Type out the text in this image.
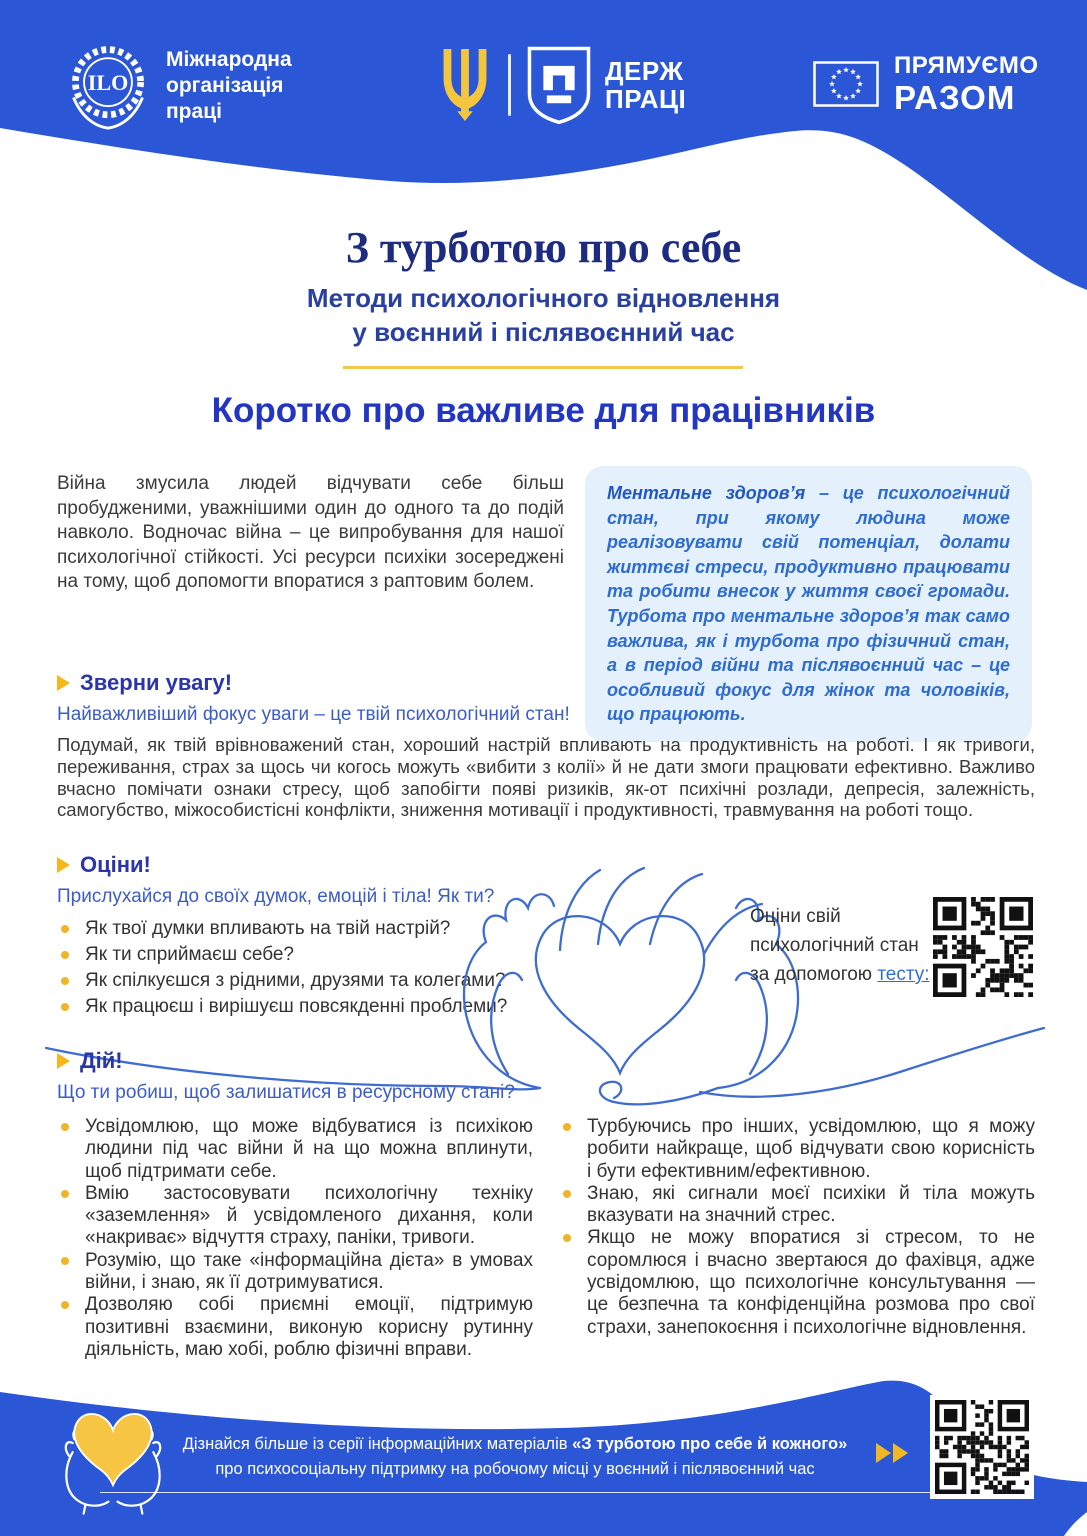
ILO
Міжнародна
організація
праці
ДЕРЖ
ПРАЦІ
ПРЯМУЄМО
РАЗОМ
З турботою про себе
Методи психологічного відновлення
у воєнний і післявоєнний час
Коротко про важливе для працівників
Війна змусила людей відчувати себе більш пробудженими, уважнішими один до одного та до подій навколо. Водночас війна – це випробування для нашої психологічної стійкості. Усі ресурси психіки зосереджені на тому, щоб допомогти впоратися з раптовим болем.
Ментальне здоров’я – це психологічний стан, при якому людина може реалізовувати свій потенціал, долати життєві стреси, продуктивно працювати та робити внесок у життя своєї громади. Турбота про ментальне здоров’я так само важлива, як і турбота про фізичний стан, а в період війни та післявоєнний час – це особливий фокус для жінок та чоловіків, що працюють.
Зверни увагу!
Найважливіший фокус уваги – це твій психологічний стан!
Подумай, як твій врівноважений стан, хороший настрій впливають на продуктивність на роботі. І як тривоги, переживання, страх за щось чи когось можуть «вибити з колії» й не дати змоги працювати ефективно. Важливо вчасно помічати ознаки стресу, щоб запобігти появі ризиків, як-от психічні розлади, депресія, залежність, самогубство, міжособистісні конфлікти, зниження мотивації і продуктивності, травмування на роботі тощо.
Оціни!
Прислухайся до своїх думок, емоцій і тіла! Як ти?
Як твої думки впливають на твій настрій?
Як ти сприймаєш себе?
Як спілкуєшся з рідними, друзями та колегами?
Як працюєш і вирішуєш повсякденні проблеми?
Оціни свій
психологічний стан
за допомогою тесту:
Дій!
Що ти робиш, щоб залишатися в ресурсному стані?
Усвідомлюю, що може відбуватися із психікою людини під час війни й на що можна вплинути, щоб підтримати себе.
Вмію застосовувати психологічну техніку «заземлення» й усвідомленого дихання, коли «накриває» відчуття страху, паніки, тривоги.
Розумію, що таке «інформаційна дієта» в умовах війни, і знаю, як її дотримуватися.
Дозволяю собі приємні емоції, підтримую позитивні взаємини, виконую корисну рутинну діяльність, маю хобі, роблю фізичні вправи.
Турбуючись про інших, усвідомлюю, що я можу робити найкраще, щоб відчувати свою корисність і бути ефективним/ефективною.
Знаю, які сигнали моєї психіки й тіла можуть вказувати на значний стрес.
Якщо не можу впоратися зі стресом, то не соромлюся і вчасно звертаюся до фахівця, адже усвідомлюю, що психологічне консультування — це безпечна та конфіденційна розмова про свої страхи, занепокоєння і психологічне відновлення.
Дізнайся більше із серії інформаційних матеріалів «З турботою про себе й кожного»
про психосоціальну підтримку на робочому місці у воєнний і післявоєнний час
